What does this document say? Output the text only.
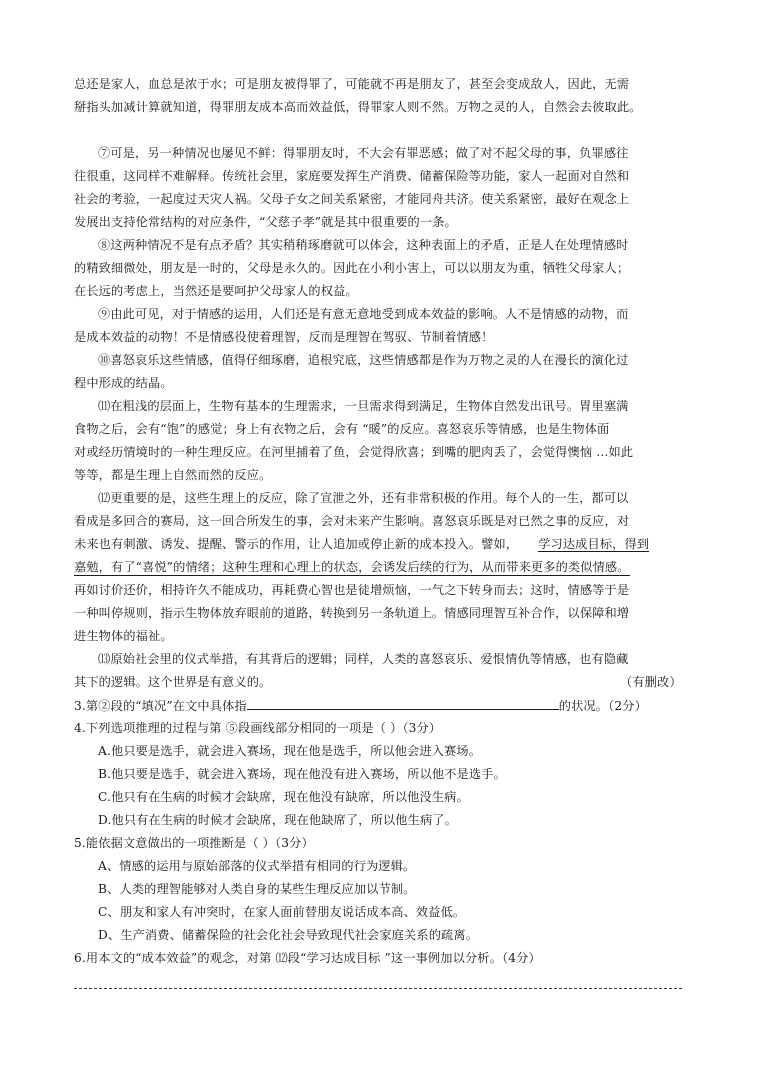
总还是家人，血总是浓于水；可是朋友被得罪了，可能就不再是朋友了，甚至会变成敌人，因此，无需
掰指头加减计算就知道，得罪朋友成本高而效益低，得罪家人则不然。万物之灵的人，自然会去彼取此。
⑦可是，另一种情况也屡见不鲜：得罪朋友时，不大会有罪恶感；做了对不起父母的事，负罪感往
往很重，这同样不难解释。传统社会里，家庭要发挥生产消费、储蓄保险等功能，家人一起面对自然和
社会的考验，一起度过天灾人祸。父母子女之间关系紧密，才能同舟共济。使关系紧密，最好在观念上
发展出支持伦常结构的对应条件，“父慈子孝”就是其中很重要的一条。
⑧这两种情况不是有点矛盾？其实稍稍琢磨就可以体会，这种表面上的矛盾，正是人在处理情感时
的精致细微处，朋友是一时的，父母是永久的。因此在小利小害上，可以以朋友为重，牺牲父母家人；
在长远的考虑上，当然还是要呵护父母家人的权益。
⑨由此可见，对于情感的运用，人们还是有意无意地受到成本效益的影响。人不是情感的动物，而
是成本效益的动物！不是情感役使着理智，反而是理智在驾驭、节制着情感！
⑩喜怒哀乐这些情感，值得仔细琢磨，追根究底，这些情感都是作为万物之灵的人在漫长的演化过
程中形成的结晶。
⑾在粗浅的层面上，生物有基本的生理需求，一旦需求得到满足，生物体自然发出讯号。胃里塞满
食物之后，会有“饱”的感觉；身上有衣物之后，会有 “暖”的反应。喜怒哀乐等情感，也是生物体面
对或经历情境时的一种生理反应。在河里捕着了鱼，会觉得欣喜；到嘴的肥肉丢了，会觉得懊恼 …如此
等等，都是生理上自然而然的反应。
⑿更重要的是，这些生理上的反应，除了宣泄之外，还有非常积极的作用。每个人的一生，都可以
看成是多回合的赛局，这一回合所发生的事，会对未来产生影响。喜怒哀乐既是对已然之事的反应，对
未来也有刺激、诱发、提醒、警示的作用，让人追加或停止新的成本投入。譬如， 学习达成目标，得到
嘉勉，有了“喜悦”的情绪；这种生理和心理上的状态，会诱发后续的行为，从而带来更多的类似情感。
再如讨价还价，相持许久不能成功，再耗费心智也是徒增烦恼，一气之下转身而去；这时，情感等于是
一种叫停规则，指示生物体放弃眼前的道路，转换到另一条轨道上。情感同理智互补合作，以保障和增
进生物体的福祉。
⒀原始社会里的仪式举措，有其背后的逻辑；同样，人类的喜怒哀乐、爱恨情仇等情感，也有隐藏
其下的逻辑。这个世界是有意义的。	（有删改）
3.第②段的“填况”在文中具体指	的状况。（2分）
4.下列选项推理的过程与第 ⑤段画线部分相同的一项是（ ）（3分）
A.他只要是选手，就会进入赛场，现在他是选手，所以他会进入赛场。
B.他只要是选手，就会进入赛场，现在他没有进入赛场，所以他不是选手。
C.他只有在生病的时候才会缺席，现在他没有缺席，所以他没生病。
D.他只有在生病的时候才会缺席，现在他缺席了，所以他生病了。
5.能依据文意做出的一项推断是（ ）（3分）
A、情感的运用与原始部落的仪式举措有相同的行为逻辑。
B、人类的理智能够对人类自身的某些生理反应加以节制。
C、朋友和家人有冲突时，在家人面前替朋友说话成本高、效益低。
D、生产消费、储蓄保险的社会化社会导致现代社会家庭关系的疏离。
6.用本文的“成本效益”的观念，对第 ⑿段“学习达成目标 ”这一事例加以分析。（4分）
